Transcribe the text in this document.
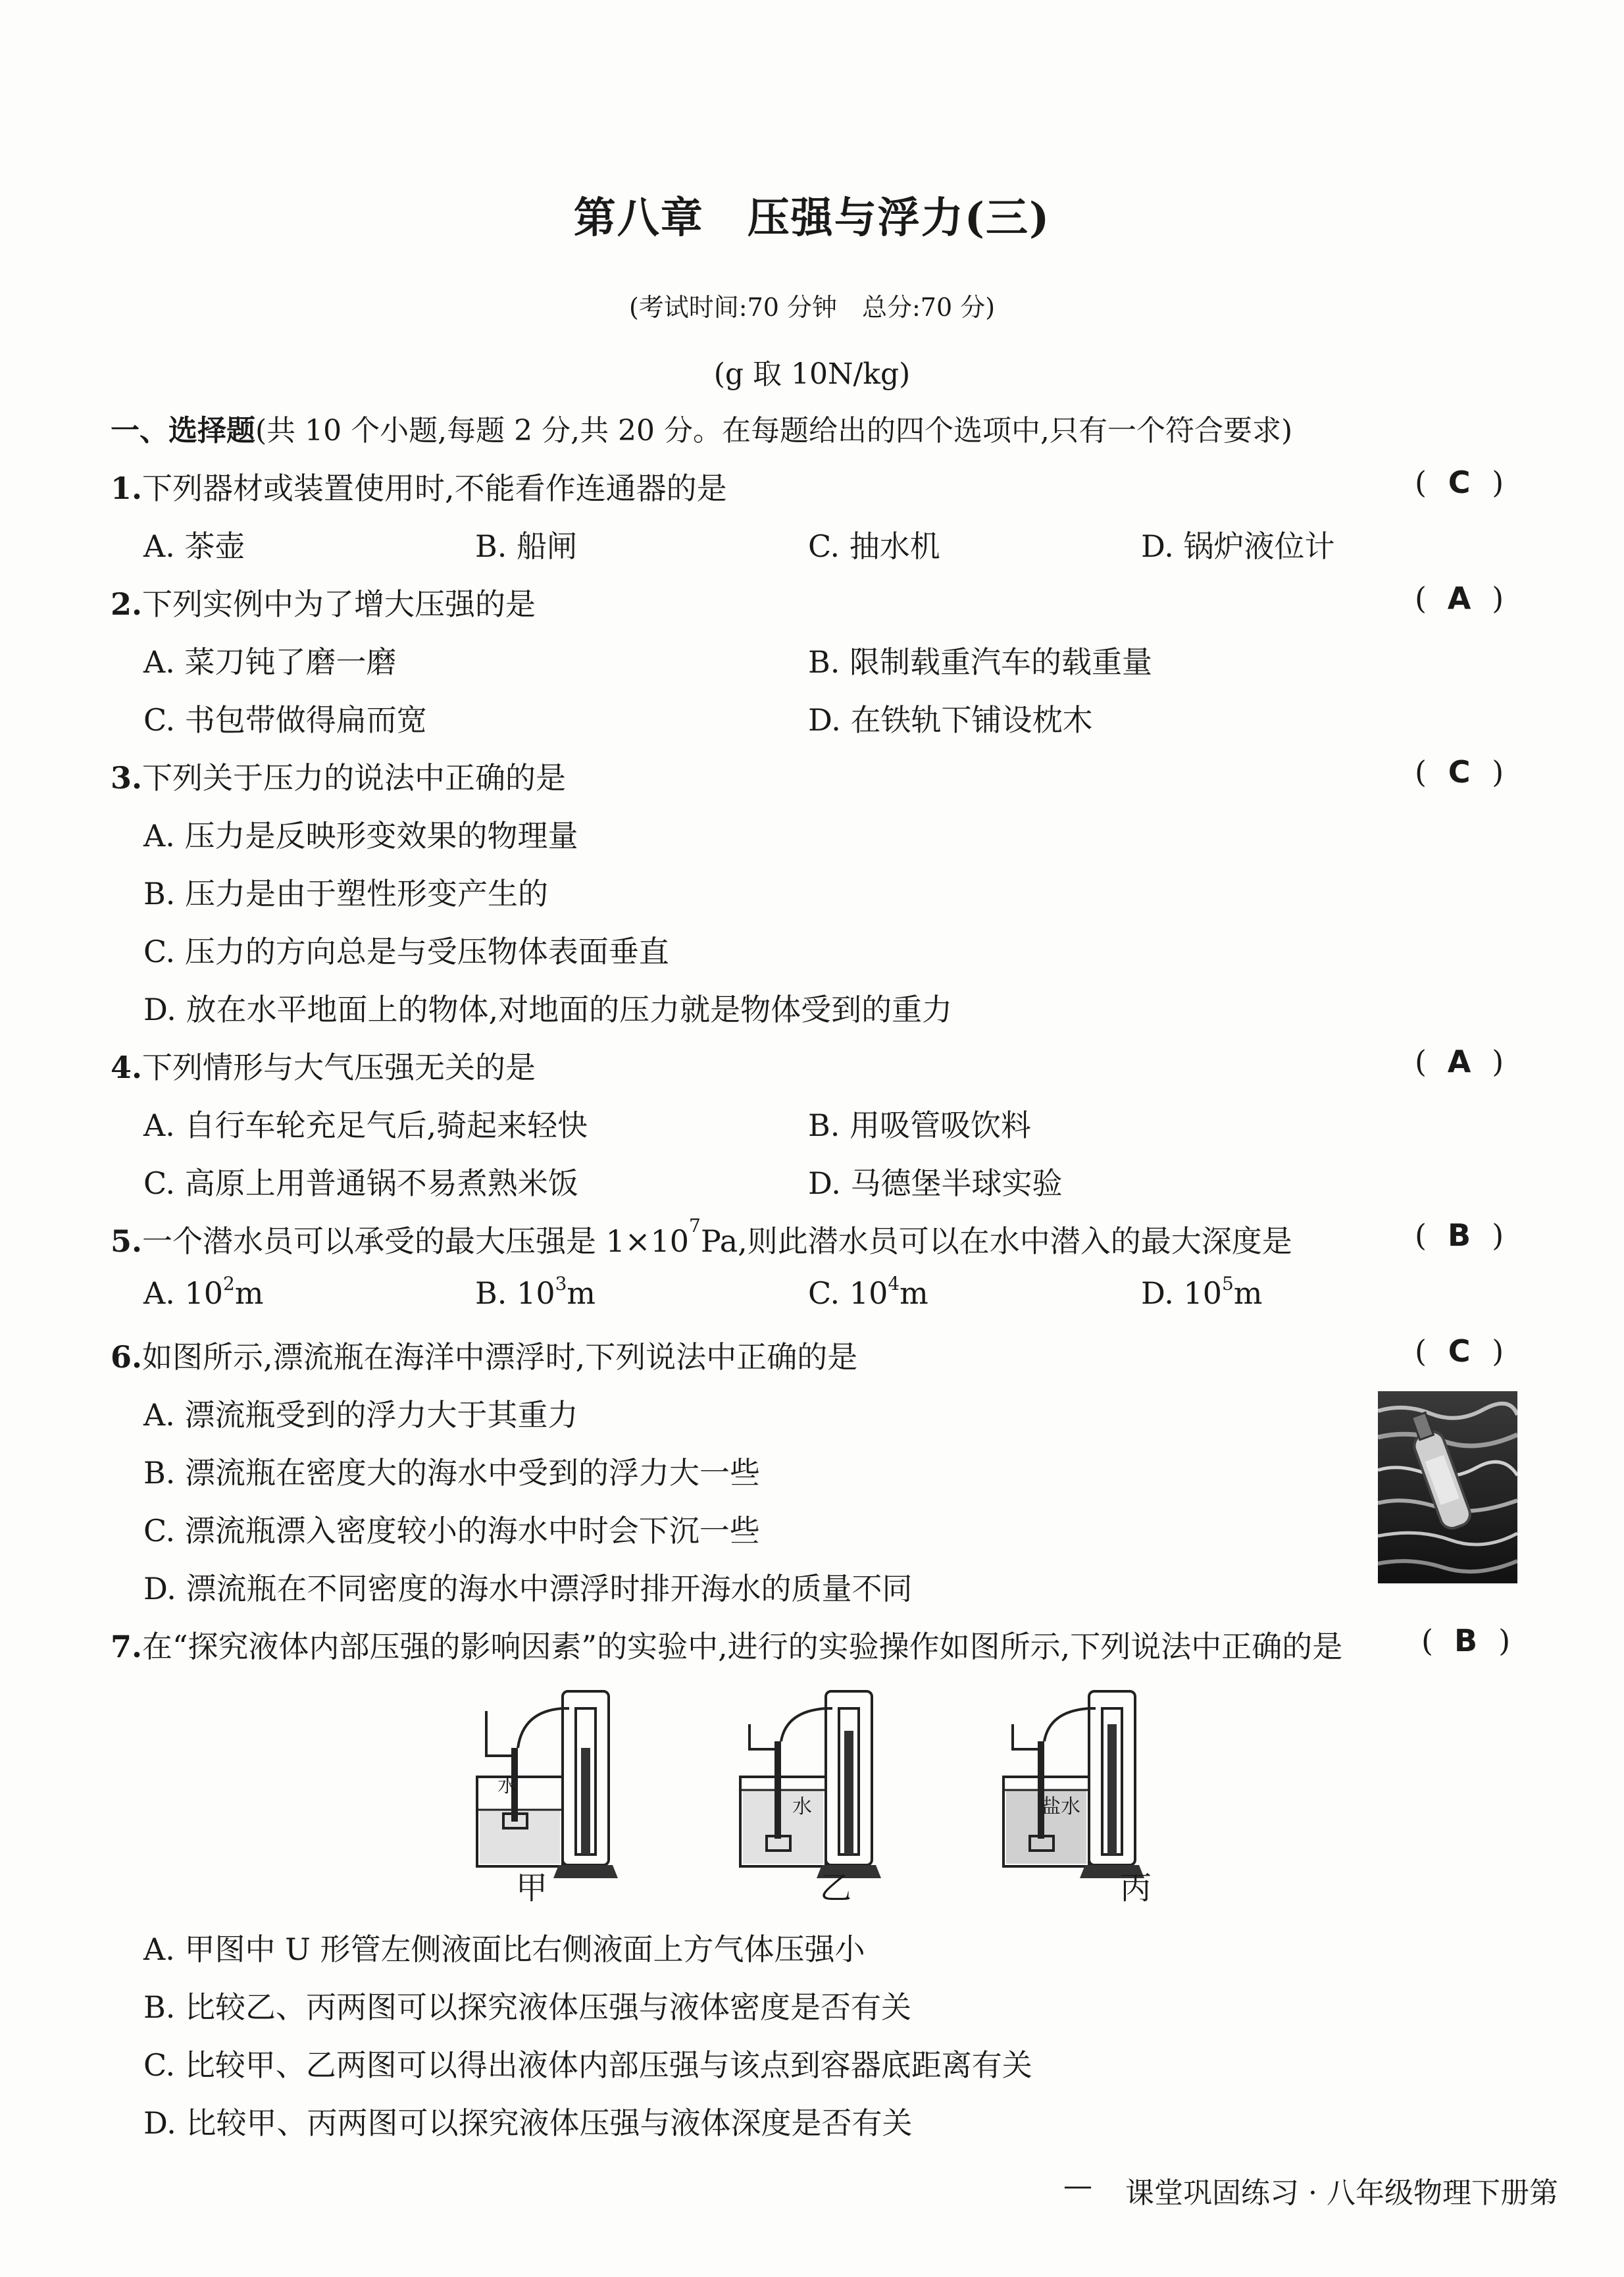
第八章　压强与浮力(三)
(考试时间:70 分钟　总分:70 分)
(g 取 10N/kg)
一、选择题(共 10 个小题,每题 2 分,共 20 分。在每题给出的四个选项中,只有一个符合要求)
1.下列器材或装置使用时,不能看作连通器的是	( C )
A. 茶壶	B. 船闸	C. 抽水机	D. 锅炉液位计
2.下列实例中为了增大压强的是	( A )
A. 菜刀钝了磨一磨	B. 限制载重汽车的载重量
C. 书包带做得扁而宽	D. 在铁轨下铺设枕木
3.下列关于压力的说法中正确的是	( C )
A. 压力是反映形变效果的物理量
B. 压力是由于塑性形变产生的
C. 压力的方向总是与受压物体表面垂直
D. 放在水平地面上的物体,对地面的压力就是物体受到的重力
4.下列情形与大气压强无关的是	( A )
A. 自行车轮充足气后,骑起来轻快	B. 用吸管吸饮料
C. 高原上用普通锅不易煮熟米饭	D. 马德堡半球实验
5.一个潜水员可以承受的最大压强是 $1\times 10^7Pa$,则此潜水员可以在水中潜入的最大深度是	( B )
A. $10^2m$	B. $10^3m$	C. $10^4m$	D. $10^5m$
6.如图所示,漂流瓶在海洋中漂浮时,下列说法中正确的是	( C )
A. 漂流瓶受到的浮力大于其重力
B. 漂流瓶在密度大的海水中受到的浮力大一些
C. 漂流瓶漂入密度较小的海水中时会下沉一些
D. 漂流瓶在不同密度的海水中漂浮时排开海水的质量不同
7.在“探究液体内部压强的影响因素”的实验中,进行的实验操作如图所示,下列说法中正确的是	( B )
水
水	盐水
甲	乙	丙
A. 甲图中 U 形管左侧液面比右侧液面上方气体压强小
B. 比较乙、丙两图可以探究液体压强与液体密度是否有关
C. 比较甲、乙两图可以得出液体内部压强与该点到容器底距离有关
D. 比较甲、丙两图可以探究液体压强与液体深度是否有关
— 课堂巩固练习 · 八年级物理下册第
